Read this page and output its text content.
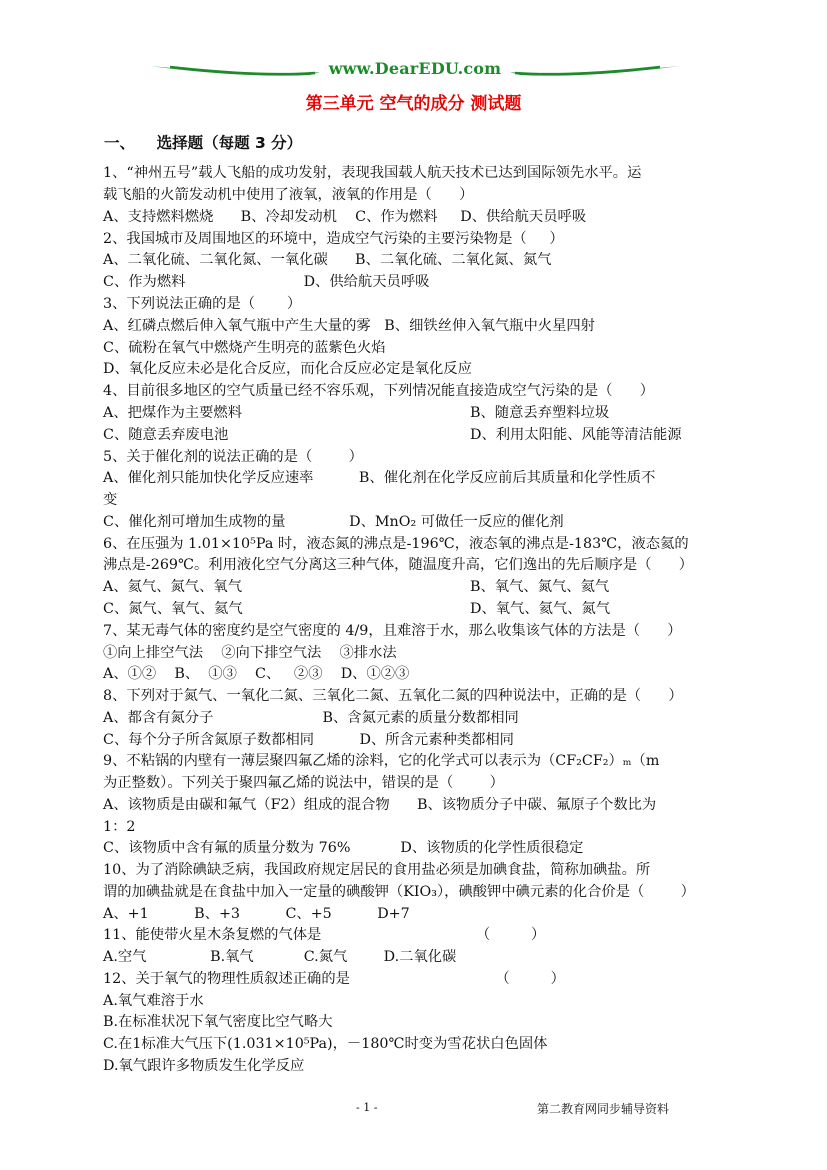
www.DearEDU.com
第三单元 空气的成分 测试题
一、    选择题（每题 3 分）
1、“神州五号”载人飞船的成功发射，表现我国载人航天技术已达到国际领先水平。运
载飞船的火箭发动机中使用了液氧，液氧的作用是（      ）
A、支持燃料燃烧      B、冷却发动机    C、作为燃料     D、供给航天员呼吸
2、我国城市及周围地区的环境中，造成空气污染的主要污染物是（     ）
A、二氧化硫、二氧化氮、一氧化碳      B、二氧化硫、二氧化氮、氮气
C、作为燃料                          D、供给航天员呼吸
3、下列说法正确的是（       ）
A、红磷点燃后伸入氧气瓶中产生大量的雾   B、细铁丝伸入氧气瓶中火星四射
C、硫粉在氧气中燃烧产生明亮的蓝紫色火焰
D、氧化反应未必是化合反应，而化合反应必定是氧化反应
4、目前很多地区的空气质量已经不容乐观，下列情况能直接造成空气污染的是（      ）
A、把煤作为主要燃料
C、随意丢弃废电池
5、关于催化剂的说法正确的是（        ）
A、催化剂只能加快化学反应速率          B、催化剂在化学反应前后其质量和化学性质不
变
C、催化剂可增加生成物的量              D、MnO₂ 可做任一反应的催化剂
6、在压强为 1.01×10⁵Pa 时，液态氮的沸点是-196℃，液态氧的沸点是-183℃，液态氦的
沸点是-269℃。利用液化空气分离这三种气体，随温度升高，它们逸出的先后顺序是（      ）
A、氦气、氮气、氧气
C、氮气、氧气、氦气
7、某无毒气体的密度约是空气密度的 4/9，且难溶于水，那么收集该气体的方法是（      ）
①向上排空气法    ②向下排空气法    ③排水法
A、①②    B、  ①③    C、   ②③    D、①②③
8、下列对于氮气、一氧化二氮、三氧化二氮、五氧化二氮的四种说法中，正确的是（      ）
A、都含有氮分子                        B、含氮元素的质量分数都相同
C、每个分子所含氮原子数都相同          D、所含元素种类都相同
9、不粘锅的内壁有一薄层聚四氟乙烯的涂料，它的化学式可以表示为（CF₂CF₂）ₘ（m
为正整数）。下列关于聚四氟乙烯的说法中，错误的是（        ）
A、该物质是由碳和氟气（F2）组成的混合物      B、该物质分子中碳、氟原子个数比为
1：2
C、该物质中含有氟的质量分数为 76%           D、该物质的化学性质很稳定
10、为了消除碘缺乏病，我国政府规定居民的食用盐必须是加碘食盐，简称加碘盐。所
谓的加碘盐就是在食盐中加入一定量的碘酸钾（KIO₃），碘酸钾中碘元素的化合价是（        ）
A、+1          B、+3          C、+5          D+7
11、能使带火星木条复燃的气体是                                  （         ）
A.空气              B.氧气           C.氮气        D.二氧化碳
12、关于氧气的物理性质叙述正确的是                                （         ）
A.氧气难溶于水
B.在标准状况下氧气密度比空气略大
C.在1标准大气压下(1.031×10⁵Pa)，－180℃时变为雪花状白色固体
D.氧气跟许多物质发生化学反应
B、随意丢弃塑料垃圾
D、利用太阳能、风能等清洁能源
B、氧气、氮气、氦气
D、氧气、氦气、氮气
- 1 -	第二教育网同步辅导资料
